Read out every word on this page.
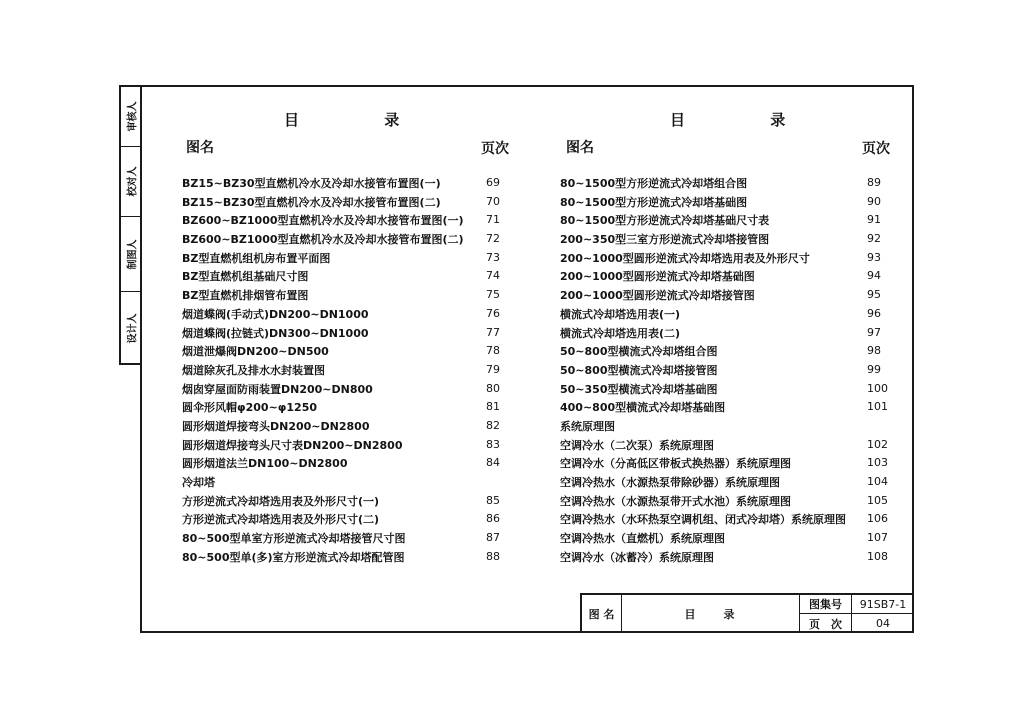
审核人
校对人
制图人
设计人
目 录
图名	页次
BZ15~BZ30型直燃机冷水及冷却水接管布置图(一)	69
BZ15~BZ30型直燃机冷水及冷却水接管布置图(二)	70
BZ600~BZ1000型直燃机冷水及冷却水接管布置图(一) 71
BZ600~BZ1000型直燃机冷水及冷却水接管布置图(二) 72
BZ型直燃机组机房布置平面图	73
BZ型直燃机组基础尺寸图	74
BZ型直燃机排烟管布置图	75
烟道蝶阀(手动式)DN200~DN1000	76
烟道蝶阀(拉链式)DN300~DN1000	77
烟道泄爆阀DN200~DN500	78
烟道除灰孔及排水水封装置图	79
烟囱穿屋面防雨装置DN200~DN800	80
圆伞形风帽φ200~φ1250	81
圆形烟道焊接弯头DN200~DN2800	82
圆形烟道焊接弯头尺寸表DN200~DN2800	83
圆形烟道法兰DN100~DN2800	84
冷却塔
方形逆流式冷却塔选用表及外形尺寸(一)	85
方形逆流式冷却塔选用表及外形尺寸(二)	86
80~500型单室方形逆流式冷却塔接管尺寸图	87
80~500型单(多)室方形逆流式冷却塔配管图	88
目 录
图名	页次
80~1500型方形逆流式冷却塔组合图	89
80~1500型方形逆流式冷却塔基础图	90
80~1500型方形逆流式冷却塔基础尺寸表	91
200~350型三室方形逆流式冷却塔接管图	92
200~1000型圆形逆流式冷却塔选用表及外形尺寸	93
200~1000型圆形逆流式冷却塔基础图	94
200~1000型圆形逆流式冷却塔接管图	95
横流式冷却塔选用表(一)	96
横流式冷却塔选用表(二)	97
50~800型横流式冷却塔组合图	98
50~800型横流式冷却塔接管图	99
50~350型横流式冷却塔基础图	100
400~800型横流式冷却塔基础图	101
系统原理图
空调冷水（二次泵）系统原理图	102
空调冷水（分高低区带板式换热器）系统原理图	103
空调冷热水（水源热泵带除砂器）系统原理图	104
空调冷热水（水源热泵带开式水池）系统原理图	105
空调冷热水（水环热泵空调机组、闭式冷却塔）系统原理图 106
空调冷热水（直燃机）系统原理图	107
空调冷水（冰蓄冷）系统原理图	108
图 名	目　　录
图集号	91SB7-1
页　次	04
